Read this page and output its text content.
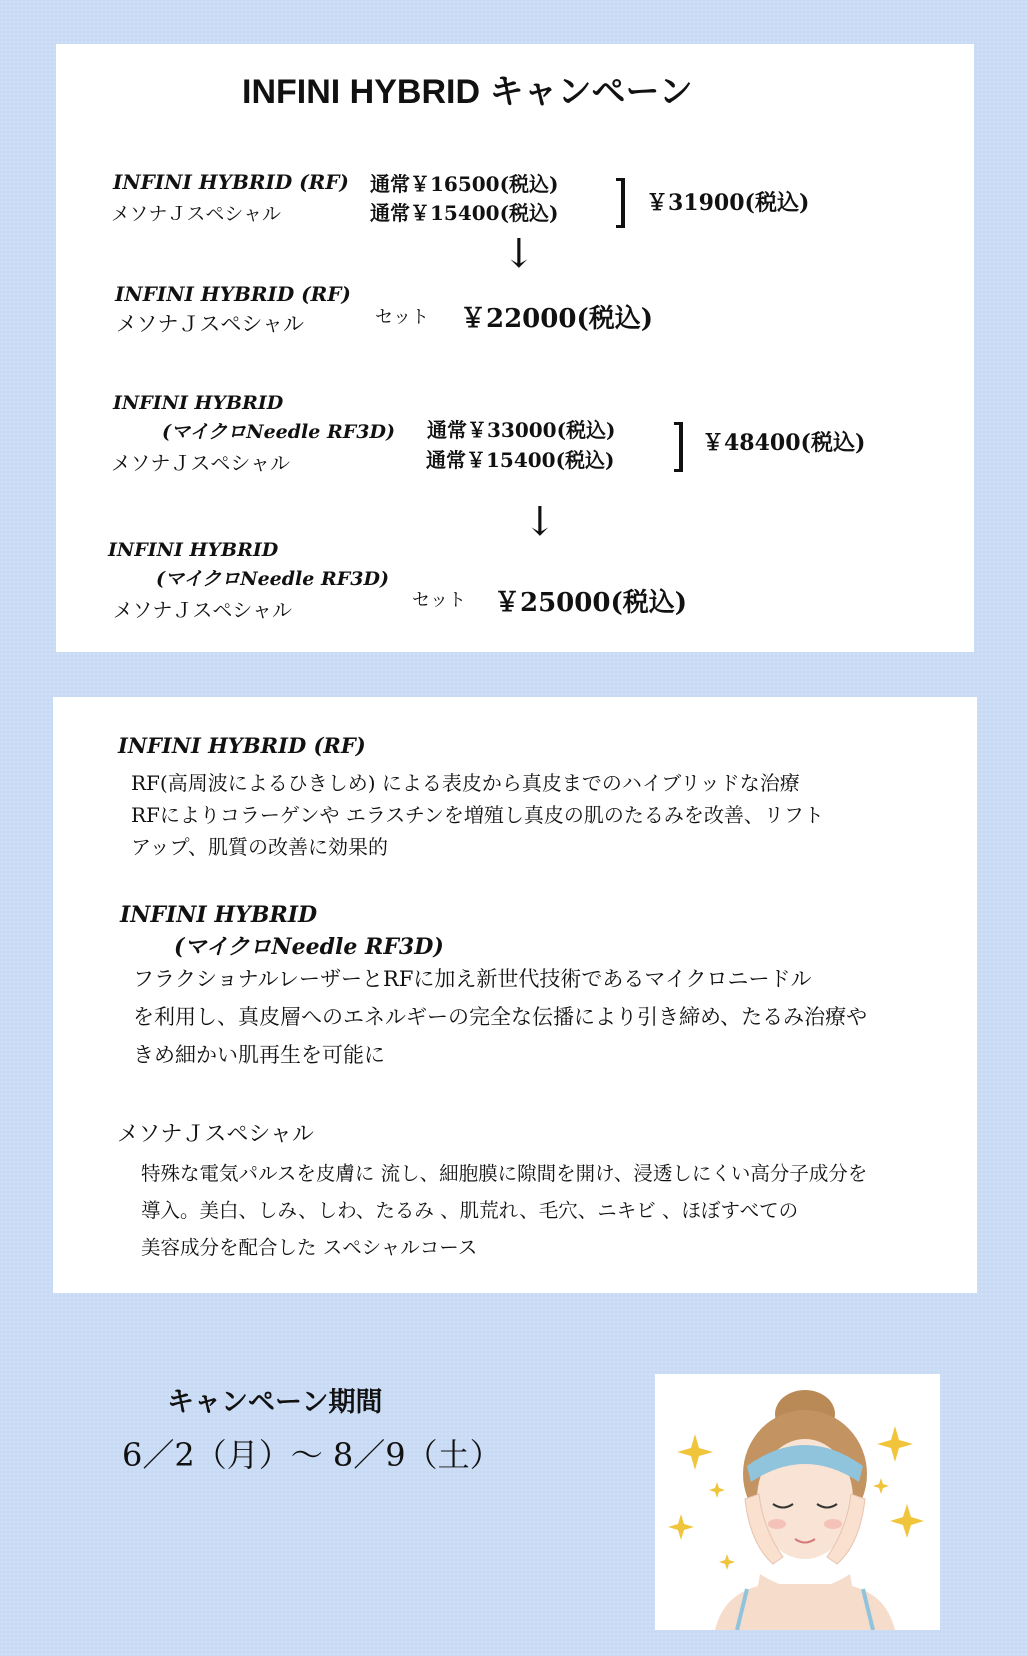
INFINI HYBRID キャンペーン
INFINI HYBRID (RF)
メソナＪスペシャル
通常￥16500(税込)
通常￥15400(税込)	￥31900(税込)
↓
INFINI HYBRID (RF)
メソナＪスペシャル	セット ￥22000(税込)
INFINI HYBRID
(マイクロNeedle RF3D)
メソナＪスペシャル
通常￥33000(税込)
通常￥15400(税込)
￥48400(税込)
↓
INFINI HYBRID
(マイクロNeedle RF3D)
メソナＪスペシャル	セット ￥25000(税込)
INFINI HYBRID (RF)
RF(高周波によるひきしめ) による表皮から真皮までのハイブリッドな治療
RFによりコラーゲンや エラスチンを増殖し真皮の肌のたるみを改善、リフト
アップ、肌質の改善に効果的
INFINI HYBRID
(マイクロNeedle RF3D)
フラクショナルレーザーとRFに加え新世代技術であるマイクロニードル
を利用し、真皮層へのエネルギーの完全な伝播により引き締め、たるみ治療や
きめ細かい肌再生を可能に
メソナＪスペシャル
特殊な電気パルスを皮膚に 流し、細胞膜に隙間を開け、浸透しにくい高分子成分を
導入。美白、しみ、しわ、たるみ 、肌荒れ、毛穴、ニキビ 、ほぼすべての
美容成分を配合した スペシャルコース
キャンペーン期間
6／2（月）～ 8／9（土）
